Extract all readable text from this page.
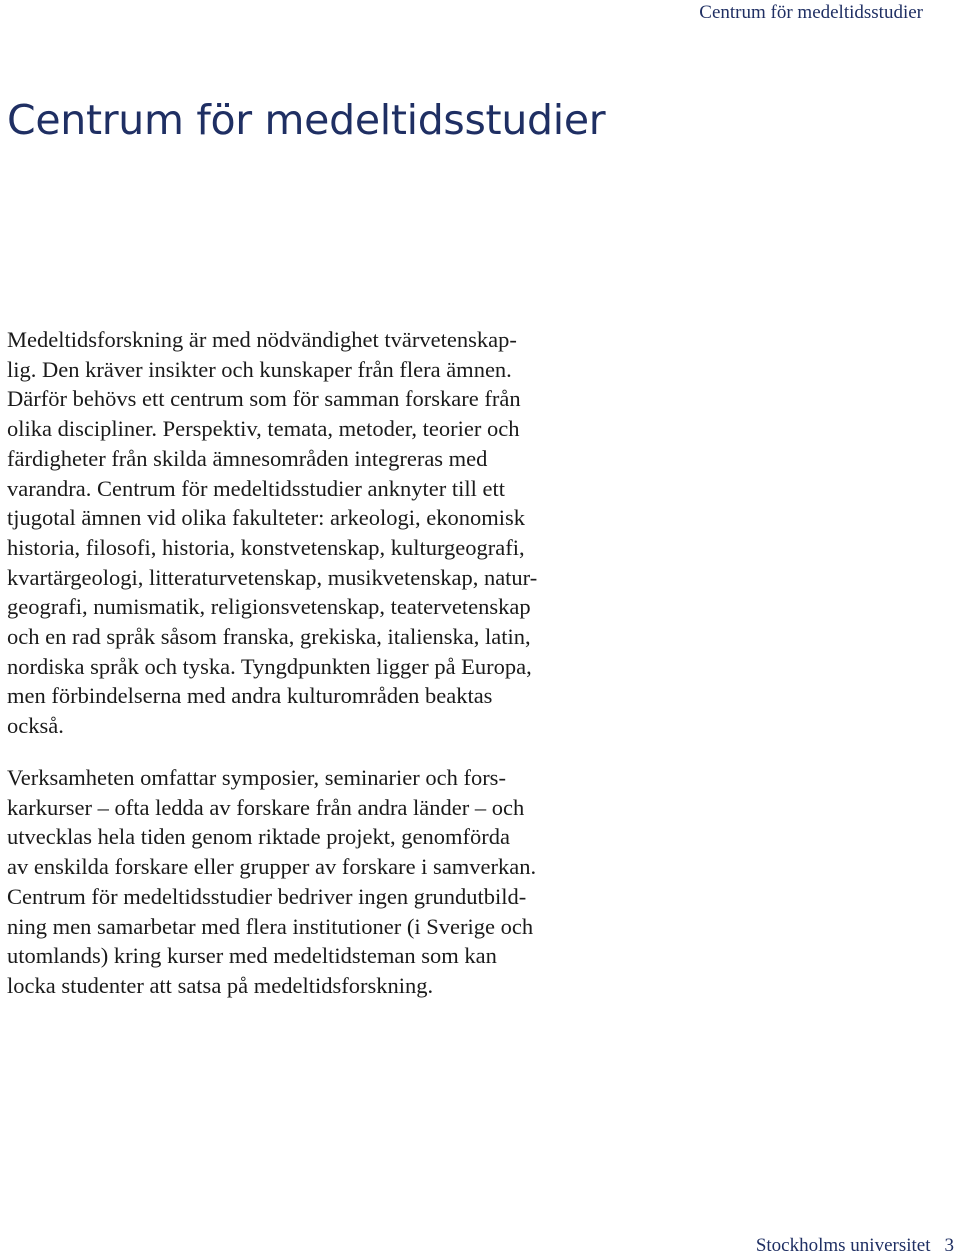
Centrum för medeltidsstudier
Centrum för medeltidsstudier
Medeltidsforskning är med nödvändighet tvärvetenskap-
lig. Den kräver insikter och kunskaper från flera ämnen.
Därför behövs ett centrum som för samman forskare från
olika discipliner. Perspektiv, temata, metoder, teorier och
färdigheter från skilda ämnesområden integreras med
varandra. Centrum för medeltidsstudier anknyter till ett
tjugotal ämnen vid olika fakulteter: arkeologi, ekonomisk
historia, filosofi, historia, konstvetenskap, kulturgeografi,
kvartärgeologi, litteraturvetenskap, musikvetenskap, natur-
geografi, numismatik, religionsvetenskap, teatervetenskap
och en rad språk såsom franska, grekiska, italienska, latin,
nordiska språk och tyska. Tyngdpunkten ligger på Europa,
men förbindelserna med andra kulturområden beaktas
också.
Verksamheten omfattar symposier, seminarier och fors-
karkurser – ofta ledda av forskare från andra länder – och
utvecklas hela tiden genom riktade projekt, genomförda
av enskilda forskare eller grupper av forskare i samverkan.
Centrum för medeltidsstudier bedriver ingen grundutbild-
ning men samarbetar med flera institutioner (i Sverige och
utomlands) kring kurser med medeltidsteman som kan
locka studenter att satsa på medeltidsforskning.
Stockholms universitet 3
